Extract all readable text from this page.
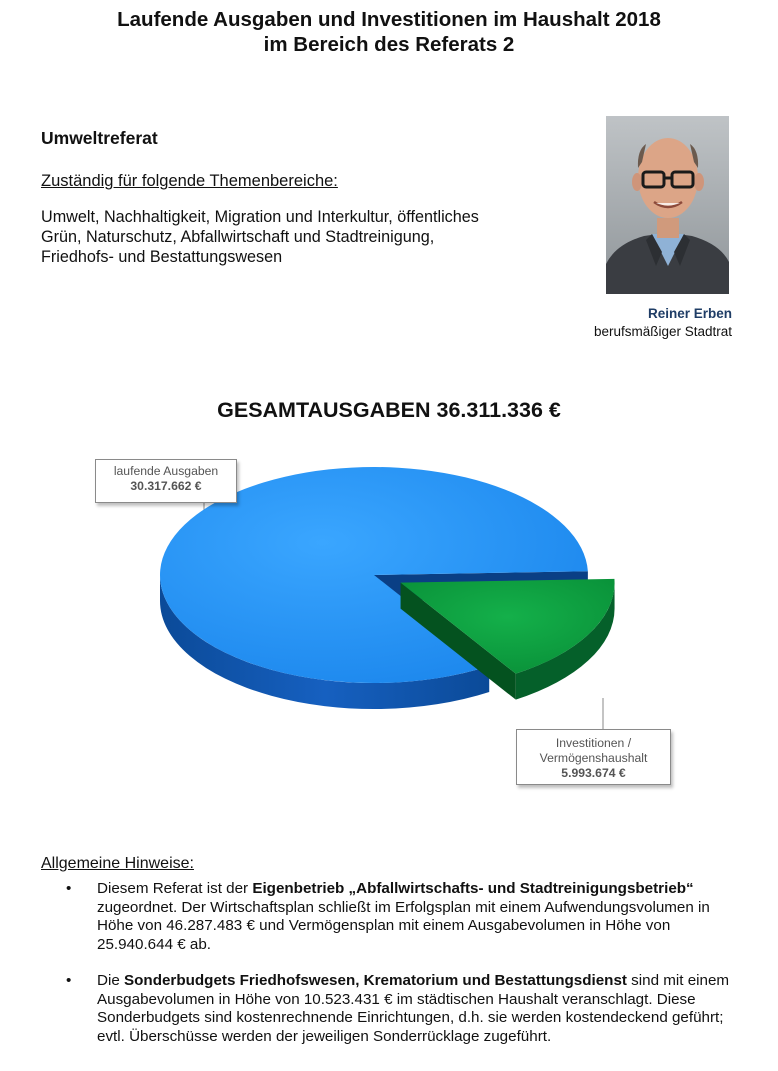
Laufende Ausgaben und Investitionen im Haushalt 2018
im Bereich des Referats 2
Umweltreferat
Zuständig für folgende Themenbereiche:
Umwelt, Nachhaltigkeit, Migration und Interkultur, öffentliches
Grün, Naturschutz, Abfallwirtschaft und Stadtreinigung,
Friedhofs- und Bestattungswesen
Reiner Erben
berufsmäßiger Stadtrat
GESAMTAUSGABEN 36.311.336 €
laufende Ausgaben
30.317.662 €
Investitionen /
Vermögenshaushalt
5.993.674 €
Allgemeine Hinweise:
• Diesem Referat ist der Eigenbetrieb „Abfallwirtschafts- und Stadtreinigungsbetrieb“ zugeordnet. Der Wirtschaftsplan schließt im Erfolgsplan mit einem Aufwendungsvolumen in Höhe von 46.287.483 € und Vermögensplan mit einem Ausgabevolumen in Höhe von 25.940.644 € ab.
• Die Sonderbudgets Friedhofswesen, Krematorium und Bestattungsdienst sind mit einem Ausgabevolumen in Höhe von 10.523.431 € im städtischen Haushalt veranschlagt. Diese Sonderbudgets sind kostenrechnende Einrichtungen, d.h. sie werden kostendeckend geführt; evtl. Überschüsse werden der jeweiligen Sonderrücklage zugeführt.
